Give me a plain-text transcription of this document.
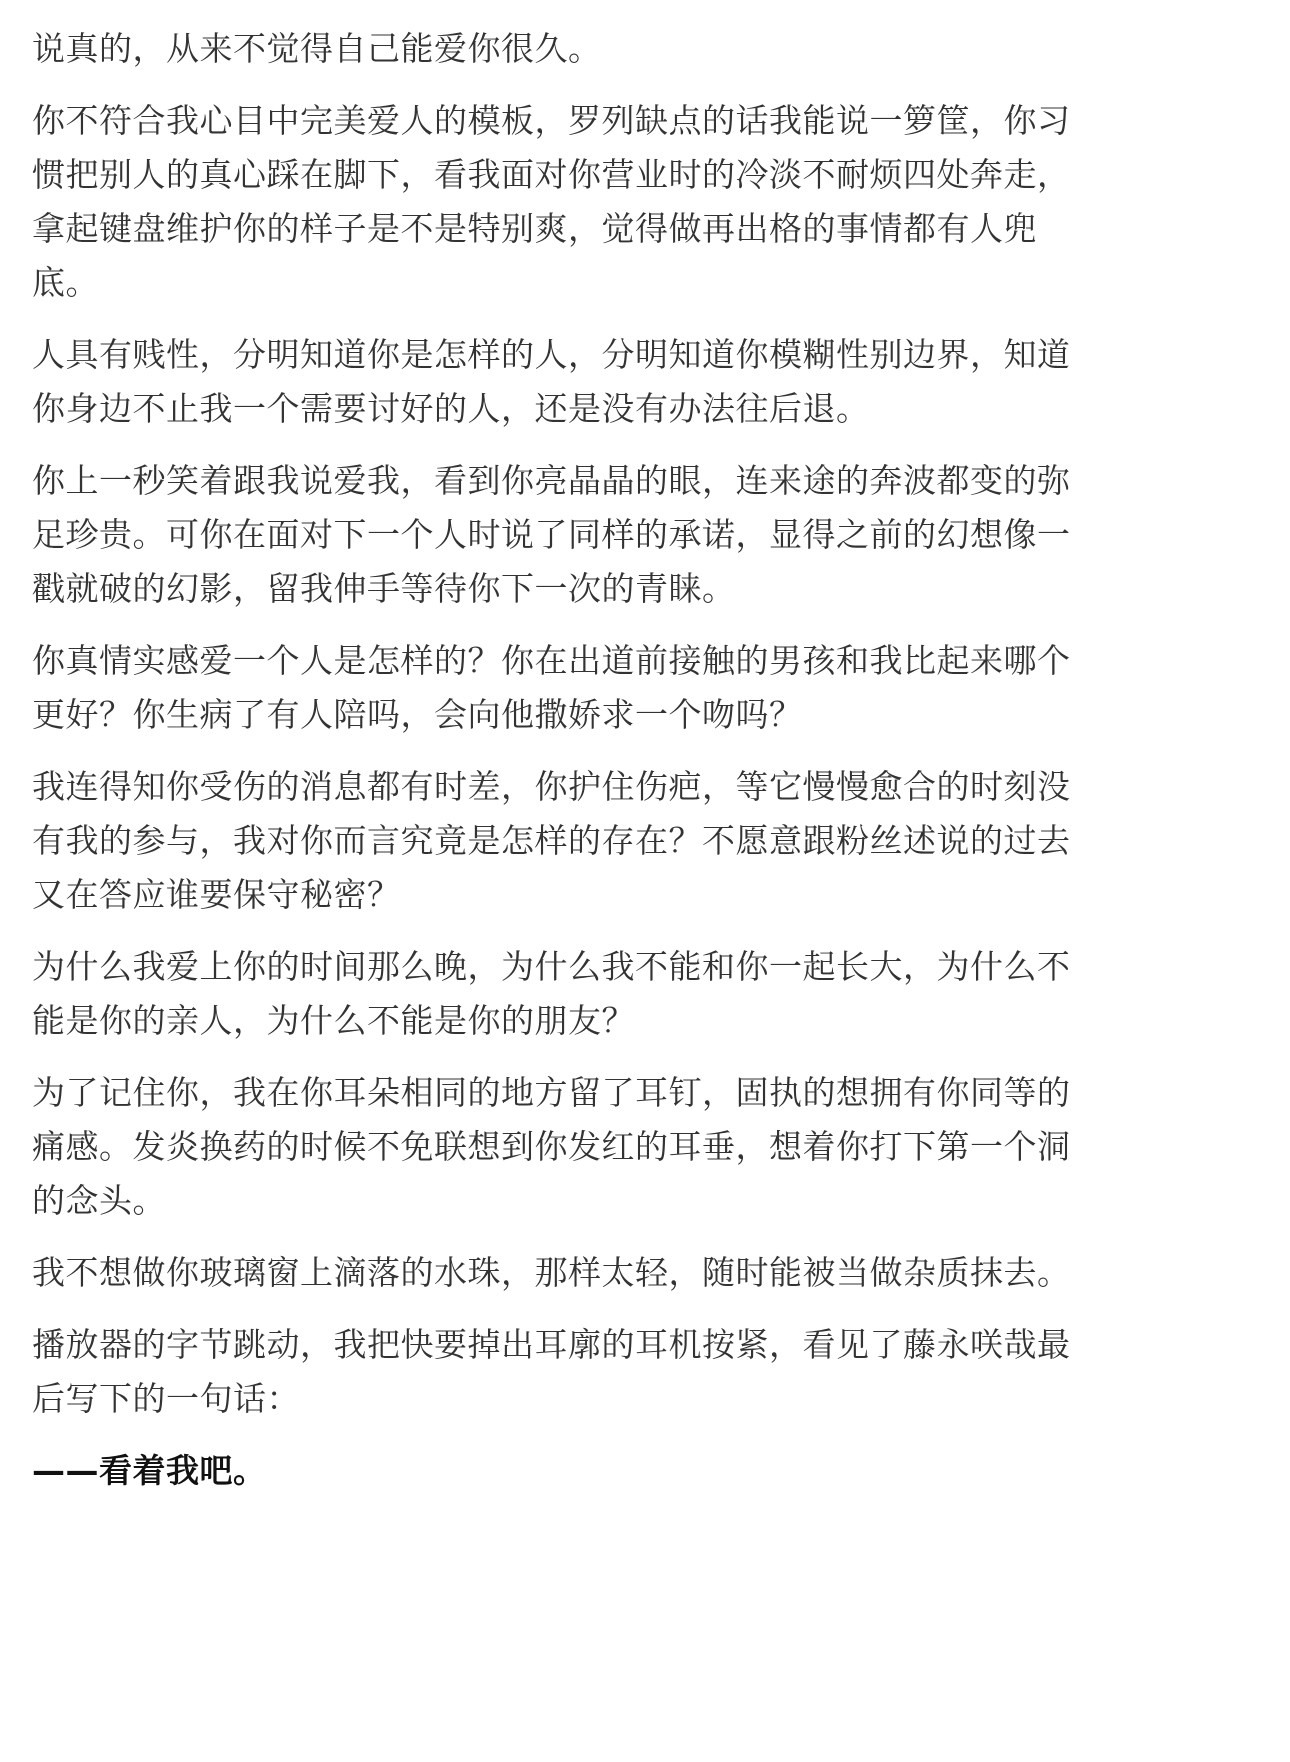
说真的，从来不觉得自己能爱你很久。

你不符合我心目中完美爱人的模板，罗列缺点的话我能说一箩筐，你习惯把别人的真心踩在脚下，看我面对你营业时的冷淡不耐烦四处奔走，拿起键盘维护你的样子是不是特别爽，觉得做再出格的事情都有人兜底。

人具有贱性，分明知道你是怎样的人，分明知道你模糊性别边界，知道你身边不止我一个需要讨好的人，还是没有办法往后退。

你上一秒笑着跟我说爱我，看到你亮晶晶的眼，连来途的奔波都变的弥足珍贵。可你在面对下一个人时说了同样的承诺，显得之前的幻想像一戳就破的幻影，留我伸手等待你下一次的青睐。

你真情实感爱一个人是怎样的？你在出道前接触的男孩和我比起来哪个更好？你生病了有人陪吗，会向他撒娇求一个吻吗？

我连得知你受伤的消息都有时差，你护住伤疤，等它慢慢愈合的时刻没有我的参与，我对你而言究竟是怎样的存在？不愿意跟粉丝述说的过去又在答应谁要保守秘密？

为什么我爱上你的时间那么晚，为什么我不能和你一起长大，为什么不能是你的亲人，为什么不能是你的朋友？

为了记住你，我在你耳朵相同的地方留了耳钉，固执的想拥有你同等的痛感。发炎换药的时候不免联想到你发红的耳垂，想着你打下第一个洞的念头。

我不想做你玻璃窗上滴落的水珠，那样太轻，随时能被当做杂质抹去。

播放器的字节跳动，我把快要掉出耳廓的耳机按紧，看见了藤永咲哉最后写下的一句话：

——看着我吧。
